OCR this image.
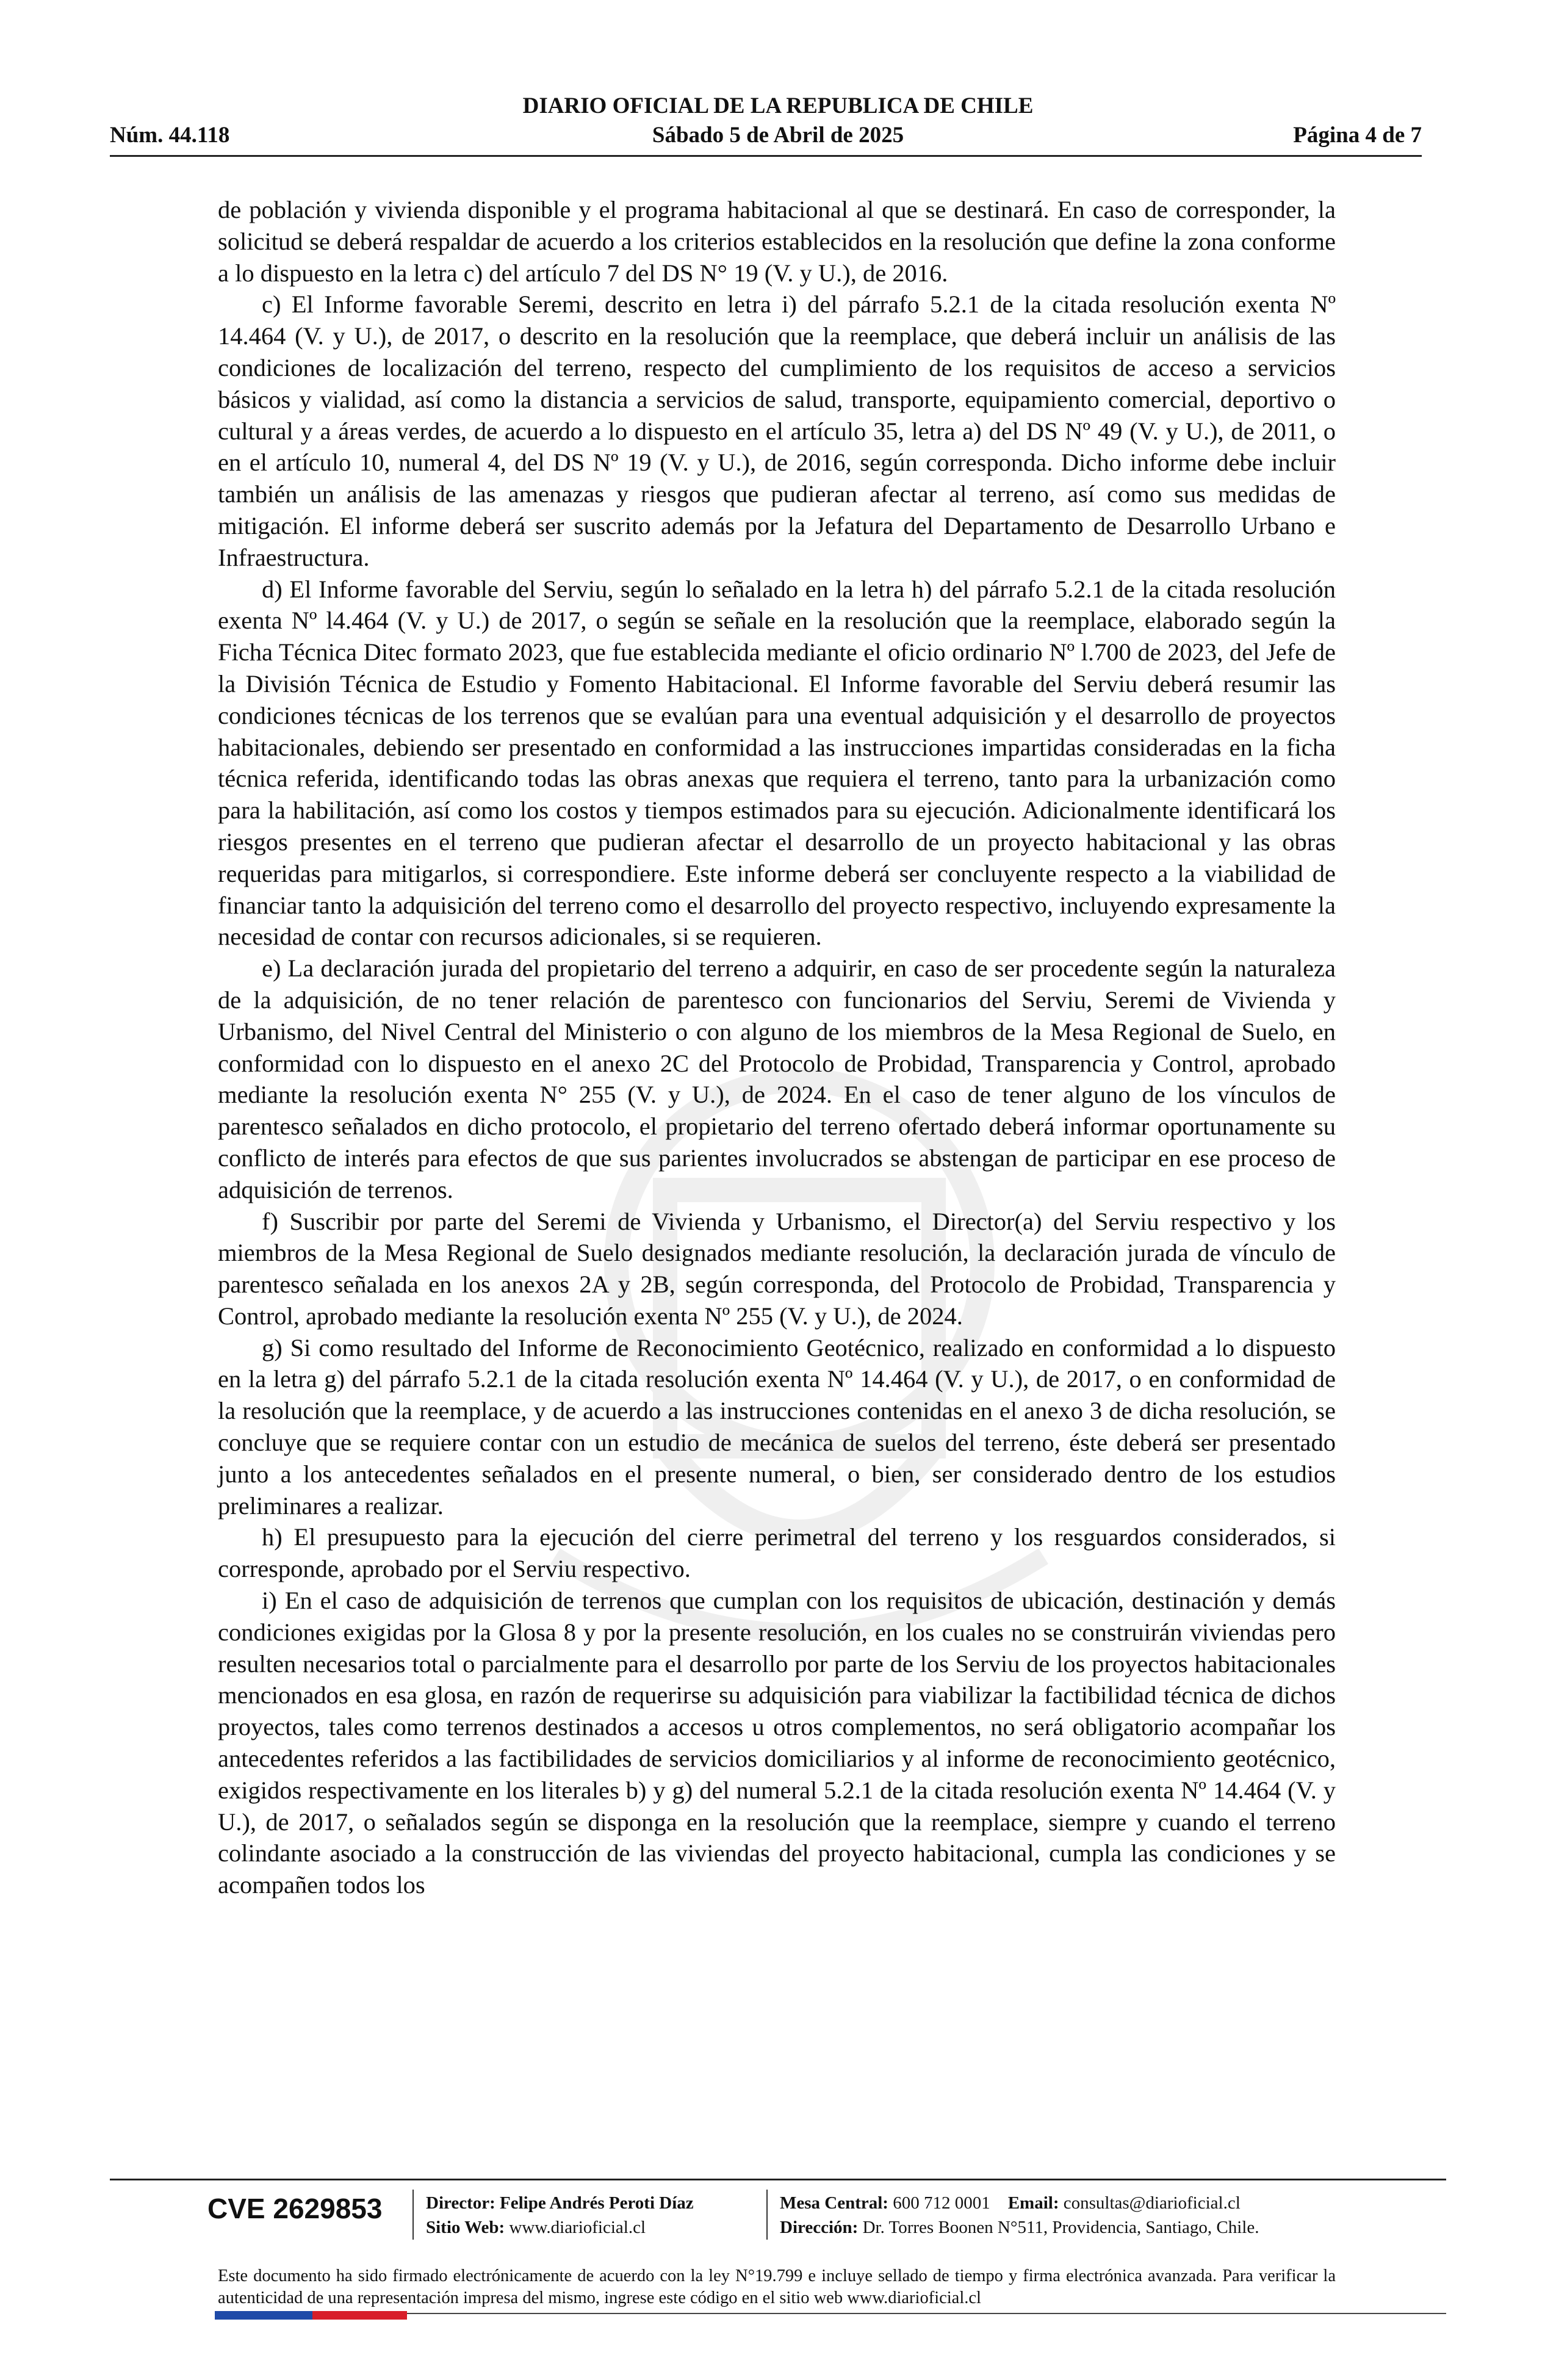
DIARIO OFICIAL DE LA REPUBLICA DE CHILE
Núm. 44.118	Sábado 5 de Abril de 2025	Página 4 de 7

de población y vivienda disponible y el programa habitacional al que se destinará. En caso de corresponder, la solicitud se deberá respaldar de acuerdo a los criterios establecidos en la resolución que define la zona conforme a lo dispuesto en la letra c) del artículo 7 del DS N° 19 (V. y U.), de 2016.

c) El Informe favorable Seremi, descrito en letra i) del párrafo 5.2.1 de la citada resolución exenta Nº 14.464 (V. y U.), de 2017, o descrito en la resolución que la reemplace, que deberá incluir un análisis de las condiciones de localización del terreno, respecto del cumplimiento de los requisitos de acceso a servicios básicos y vialidad, así como la distancia a servicios de salud, transporte, equipamiento comercial, deportivo o cultural y a áreas verdes, de acuerdo a lo dispuesto en el artículo 35, letra a) del DS Nº 49 (V. y U.), de 2011, o en el artículo 10, numeral 4, del DS Nº 19 (V. y U.), de 2016, según corresponda. Dicho informe debe incluir también un análisis de las amenazas y riesgos que pudieran afectar al terreno, así como sus medidas de mitigación. El informe deberá ser suscrito además por la Jefatura del Departamento de Desarrollo Urbano e Infraestructura.

d) El Informe favorable del Serviu, según lo señalado en la letra h) del párrafo 5.2.1 de la citada resolución exenta Nº l4.464 (V. y U.) de 2017, o según se señale en la resolución que la reemplace, elaborado según la Ficha Técnica Ditec formato 2023, que fue establecida mediante el oficio ordinario Nº l.700 de 2023, del Jefe de la División Técnica de Estudio y Fomento Habitacional. El Informe favorable del Serviu deberá resumir las condiciones técnicas de los terrenos que se evalúan para una eventual adquisición y el desarrollo de proyectos habitacionales, debiendo ser presentado en conformidad a las instrucciones impartidas consideradas en la ficha técnica referida, identificando todas las obras anexas que requiera el terreno, tanto para la urbanización como para la habilitación, así como los costos y tiempos estimados para su ejecución. Adicionalmente identificará los riesgos presentes en el terreno que pudieran afectar el desarrollo de un proyecto habitacional y las obras requeridas para mitigarlos, si correspondiere. Este informe deberá ser concluyente respecto a la viabilidad de financiar tanto la adquisición del terreno como el desarrollo del proyecto respectivo, incluyendo expresamente la necesidad de contar con recursos adicionales, si se requieren.

e) La declaración jurada del propietario del terreno a adquirir, en caso de ser procedente según la naturaleza de la adquisición, de no tener relación de parentesco con funcionarios del Serviu, Seremi de Vivienda y Urbanismo, del Nivel Central del Ministerio o con alguno de los miembros de la Mesa Regional de Suelo, en conformidad con lo dispuesto en el anexo 2C del Protocolo de Probidad, Transparencia y Control, aprobado mediante la resolución exenta N° 255 (V. y U.), de 2024. En el caso de tener alguno de los vínculos de parentesco señalados en dicho protocolo, el propietario del terreno ofertado deberá informar oportunamente su conflicto de interés para efectos de que sus parientes involucrados se abstengan de participar en ese proceso de adquisición de terrenos.

f) Suscribir por parte del Seremi de Vivienda y Urbanismo, el Director(a) del Serviu respectivo y los miembros de la Mesa Regional de Suelo designados mediante resolución, la declaración jurada de vínculo de parentesco señalada en los anexos 2A y 2B, según corresponda, del Protocolo de Probidad, Transparencia y Control, aprobado mediante la resolución exenta Nº 255 (V. y U.), de 2024.

g) Si como resultado del Informe de Reconocimiento Geotécnico, realizado en conformidad a lo dispuesto en la letra g) del párrafo 5.2.1 de la citada resolución exenta Nº 14.464 (V. y U.), de 2017, o en conformidad de la resolución que la reemplace, y de acuerdo a las instrucciones contenidas en el anexo 3 de dicha resolución, se concluye que se requiere contar con un estudio de mecánica de suelos del terreno, éste deberá ser presentado junto a los antecedentes señalados en el presente numeral, o bien, ser considerado dentro de los estudios preliminares a realizar.

h) El presupuesto para la ejecución del cierre perimetral del terreno y los resguardos considerados, si corresponde, aprobado por el Serviu respectivo.

i) En el caso de adquisición de terrenos que cumplan con los requisitos de ubicación, destinación y demás condiciones exigidas por la Glosa 8 y por la presente resolución, en los cuales no se construirán viviendas pero resulten necesarios total o parcialmente para el desarrollo por parte de los Serviu de los proyectos habitacionales mencionados en esa glosa, en razón de requerirse su adquisición para viabilizar la factibilidad técnica de dichos proyectos, tales como terrenos destinados a accesos u otros complementos, no será obligatorio acompañar los antecedentes referidos a las factibilidades de servicios domiciliarios y al informe de reconocimiento geotécnico, exigidos respectivamente en los literales b) y g) del numeral 5.2.1 de la citada resolución exenta Nº 14.464 (V. y U.), de 2017, o señalados según se disponga en la resolución que la reemplace, siempre y cuando el terreno colindante asociado a la construcción de las viviendas del proyecto habitacional, cumpla las condiciones y se acompañen todos los

CVE 2629853 Director: Felipe Andrés Peroti Díaz
Sitio Web: www.diarioficial.cl
Mesa Central: 600 712 0001 Email: consultas@diarioficial.cl
Dirección: Dr. Torres Boonen N°511, Providencia, Santiago, Chile.

Este documento ha sido firmado electrónicamente de acuerdo con la ley N°19.799 e incluye sellado de tiempo y firma electrónica avanzada. Para verificar la autenticidad de una representación impresa del mismo, ingrese este código en el sitio web www.diarioficial.cl
